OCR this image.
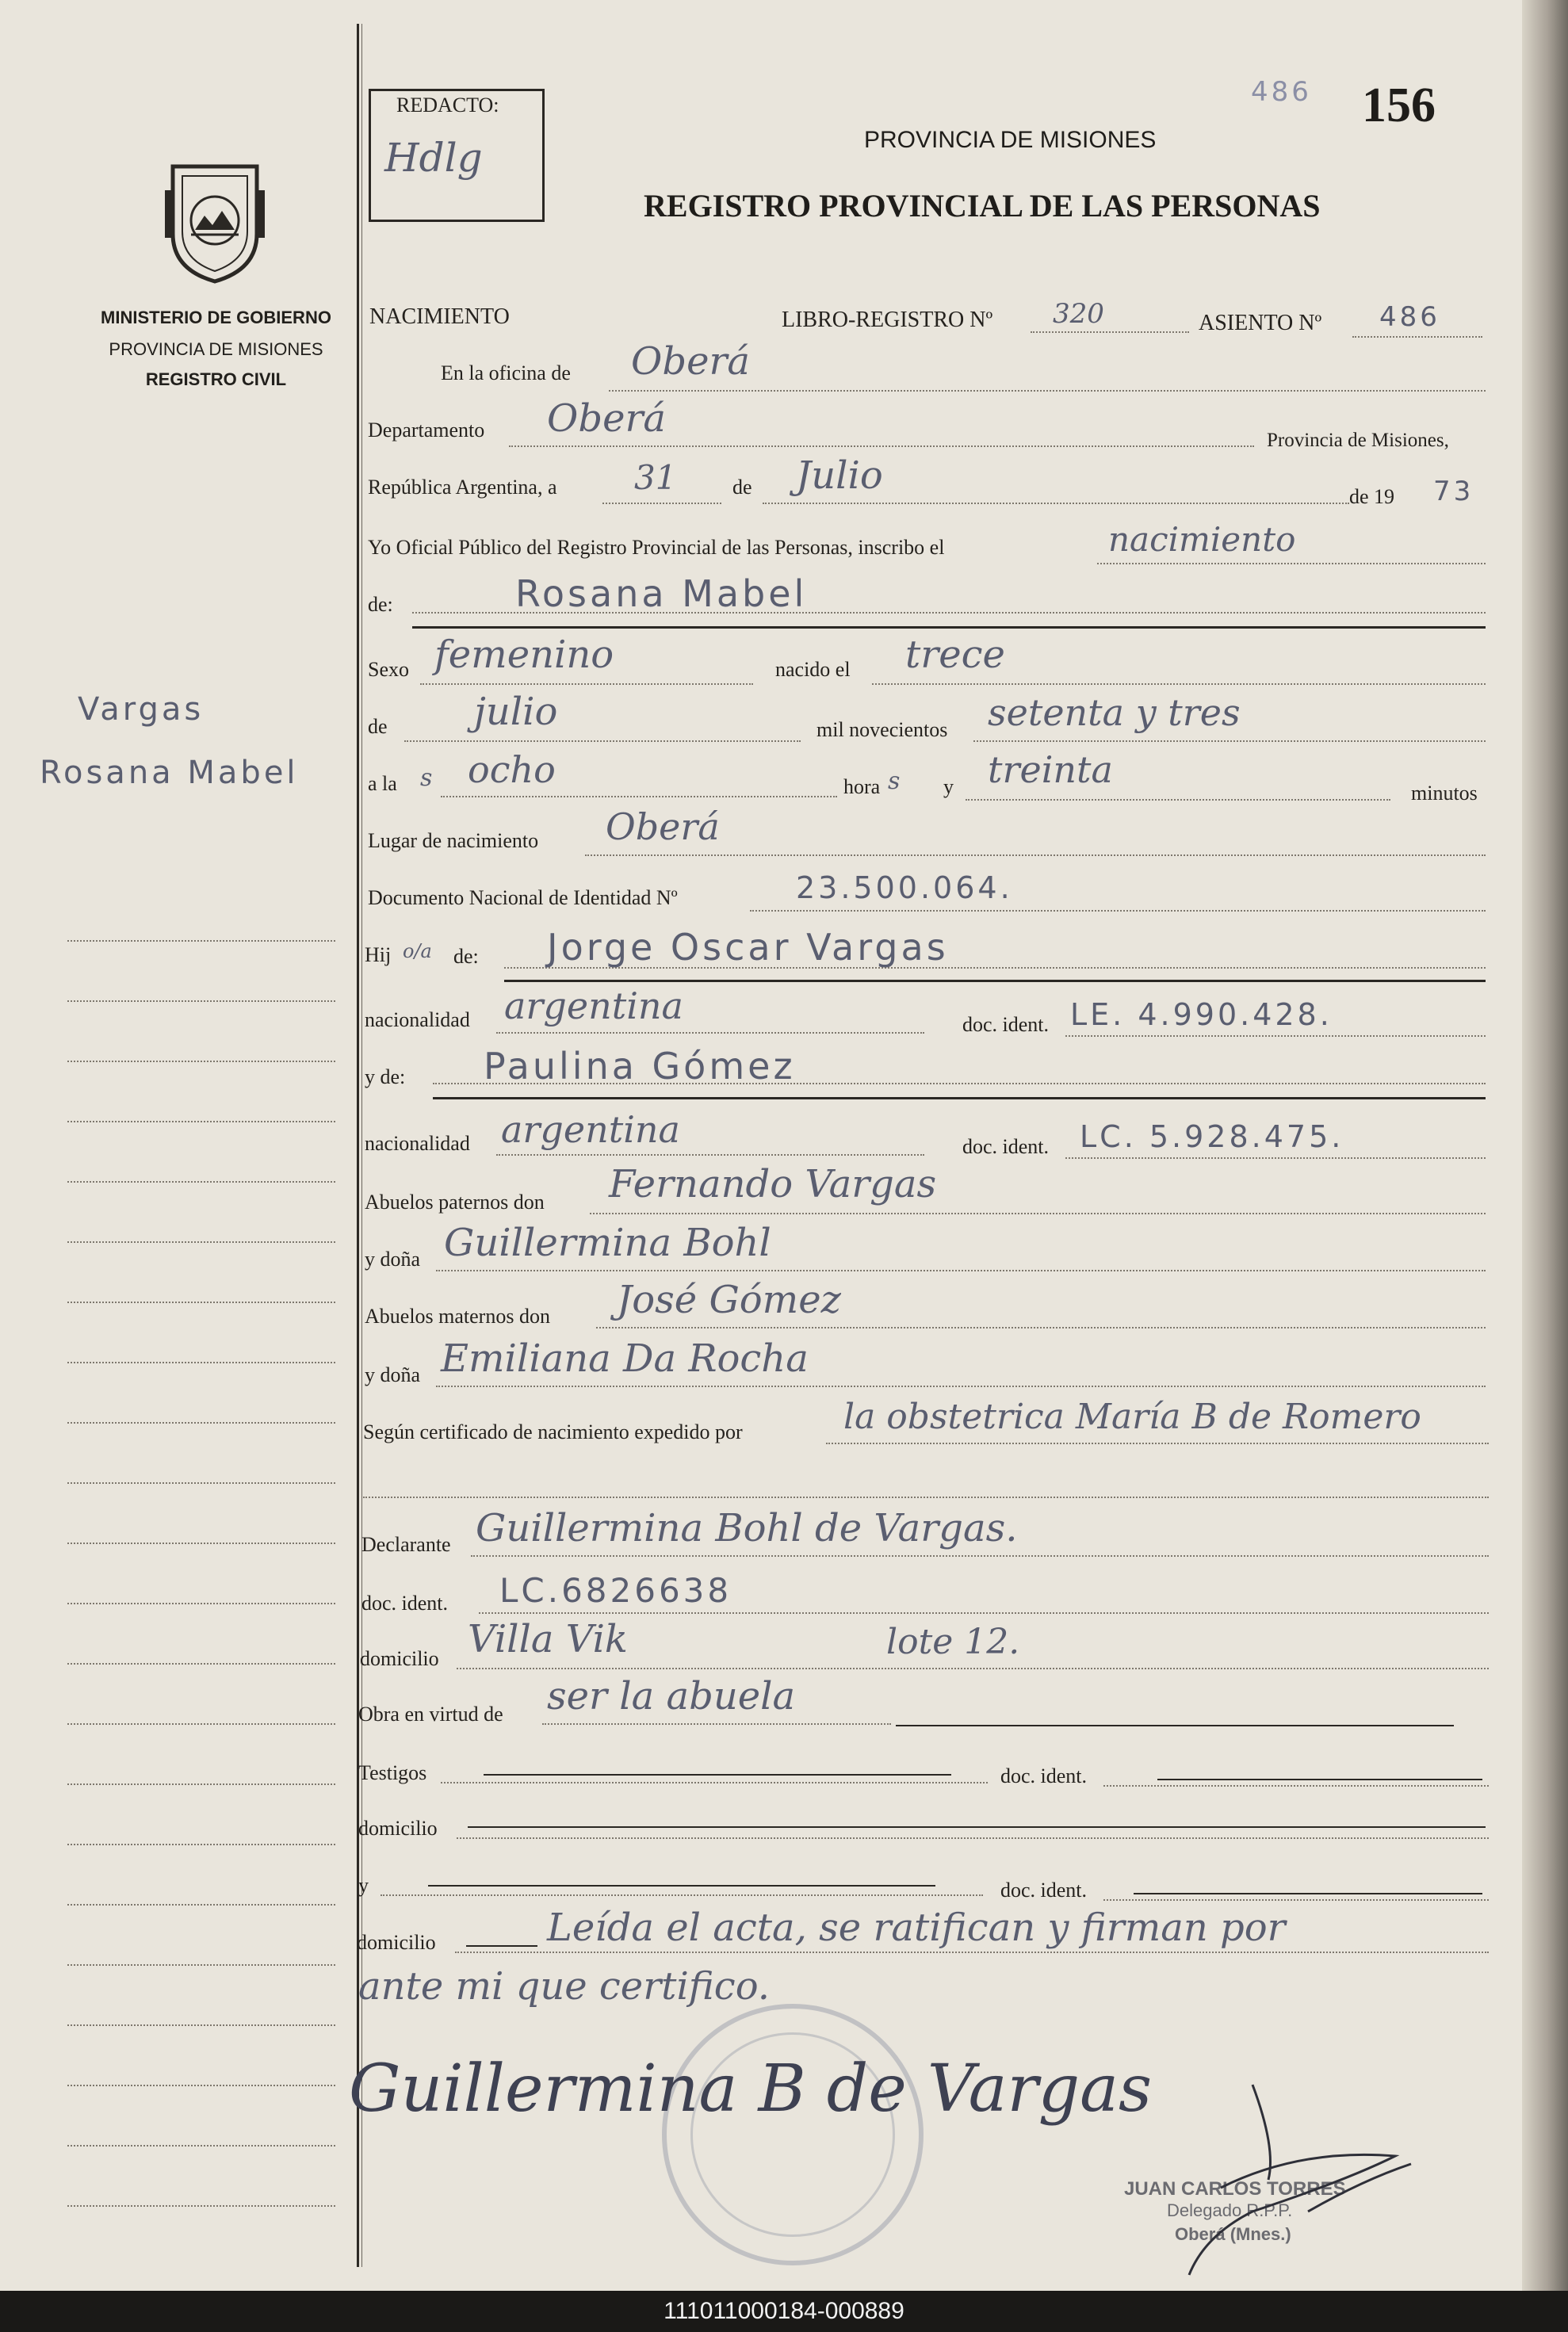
MINISTERIO DE GOBIERNO
PROVINCIA DE MISIONES
REGISTRO CIVIL
Vargas
Rosana Mabel
REDACTO:
Hdlg
486 156
PROVINCIA DE MISIONES
REGISTRO PROVINCIAL DE LAS PERSONAS
NACIMIENTO	LIBRO-REGISTRO Nº 320	ASIENTO Nº 486
En la oficina de Oberá
Departamento Oberá	Provincia de Misiones,
República Argentina, a 31	de Julio	de 19 73
Yo Oficial Público del Registro Provincial de las Personas, inscribo el	nacimiento
de:	Rosana Mabel
Sexo femenino	nacido el trece
de julio	mil novecientos setenta y tres
a la s ocho	hora s y treinta
minutos
Lugar de nacimiento Oberá
Documento Nacional de Identidad Nº	23.500.064.
Hij o/a de: Jorge Oscar Vargas
nacionalidad argentina	doc. ident. LE. 4.990.428.
y de: Paulina Gómez
nacionalidad argentina	doc. ident. LC. 5.928.475.
Abuelos paternos don Fernando Vargas
y doña Guillermina Bohl
Abuelos maternos don José Gómez
y doña Emiliana Da Rocha
Según certificado de nacimiento expedido por	la obstetrica María B de Romero
Declarante Guillermina Bohl de Vargas.
doc. ident. LC.6826638
domicilio Villa Vik	lote 12.
Obra en virtud de ser la abuela
Testigos	doc. ident.
domicilio
y	doc. ident.
domicilio	Leída el acta, se ratifican y firman por
ante mi que certifico.
Guillermina B de Vargas
JUAN CARLOS TORRES
Delegado R.P.P.
Oberá (Mnes.)
111011000184-000889
